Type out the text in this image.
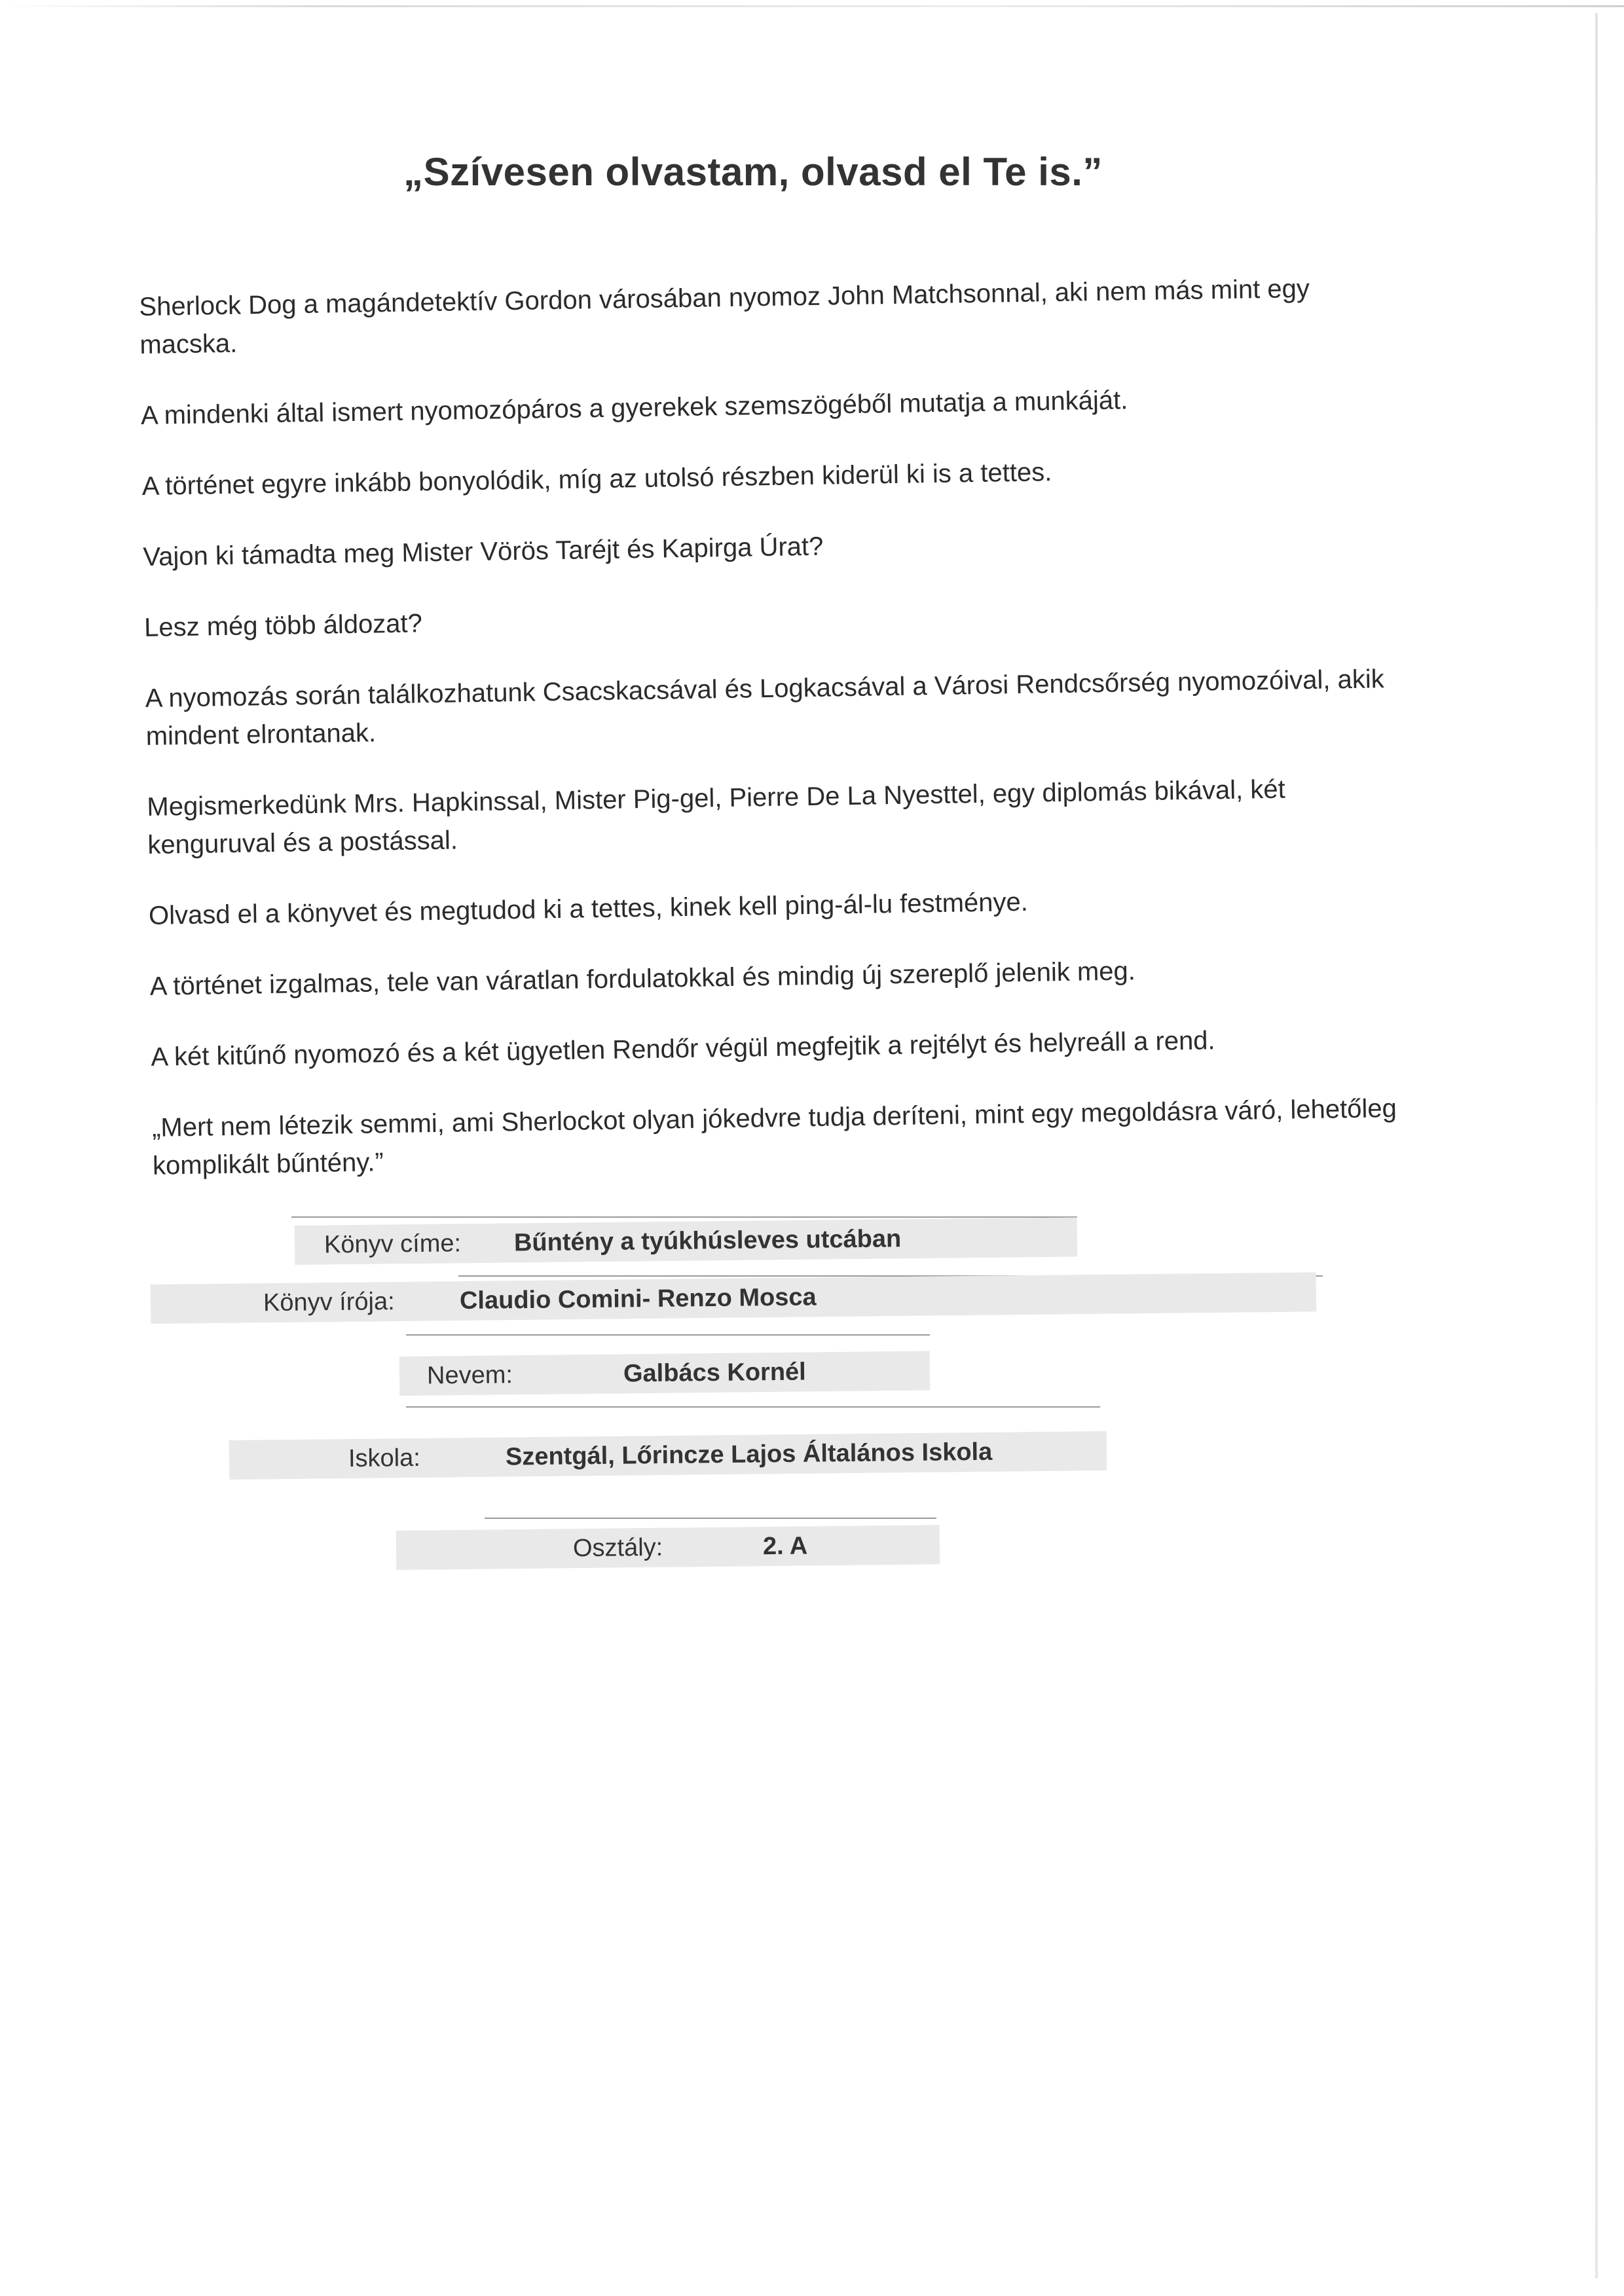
„Szívesen olvastam, olvasd el Te is.”

Sherlock Dog a magándetektív Gordon városában nyomoz John Matchsonnal, aki nem más mint egy macska.

A mindenki által ismert nyomozópáros a gyerekek szemszögéből mutatja a munkáját.

A történet egyre inkább bonyolódik, míg az utolsó részben kiderül ki is a tettes.

Vajon ki támadta meg Mister Vörös Taréjt és Kapirga Úrat?

Lesz még több áldozat?

A nyomozás során találkozhatunk Csacskacsával és Logkacsával a Városi Rendcsőrség nyomozóival, akik mindent elrontanak.

Megismerkedünk Mrs. Hapkinssal, Mister Pig-gel, Pierre De La Nyesttel, egy diplomás bikával, két kenguruval és a postással.

Olvasd el a könyvet és megtudod ki a tettes, kinek kell ping-ál-lu festménye.

A történet izgalmas, tele van váratlan fordulatokkal és mindig új szereplő jelenik meg.

A két kitűnő nyomozó és a két ügyetlen Rendőr végül megfejtik a rejtélyt és helyreáll a rend.

„Mert nem létezik semmi, ami Sherlockot olyan jókedvre tudja deríteni, mint egy megoldásra váró, lehetőleg komplikált bűntény.”

Könyv címe:	Bűntény a tyúkhúsleves utcában
Könyv írója:	Claudio Comini- Renzo Mosca
Nevem:	Galbács Kornél
Iskola:	Szentgál, Lőrincze Lajos Általános Iskola
Osztály:	2. A
